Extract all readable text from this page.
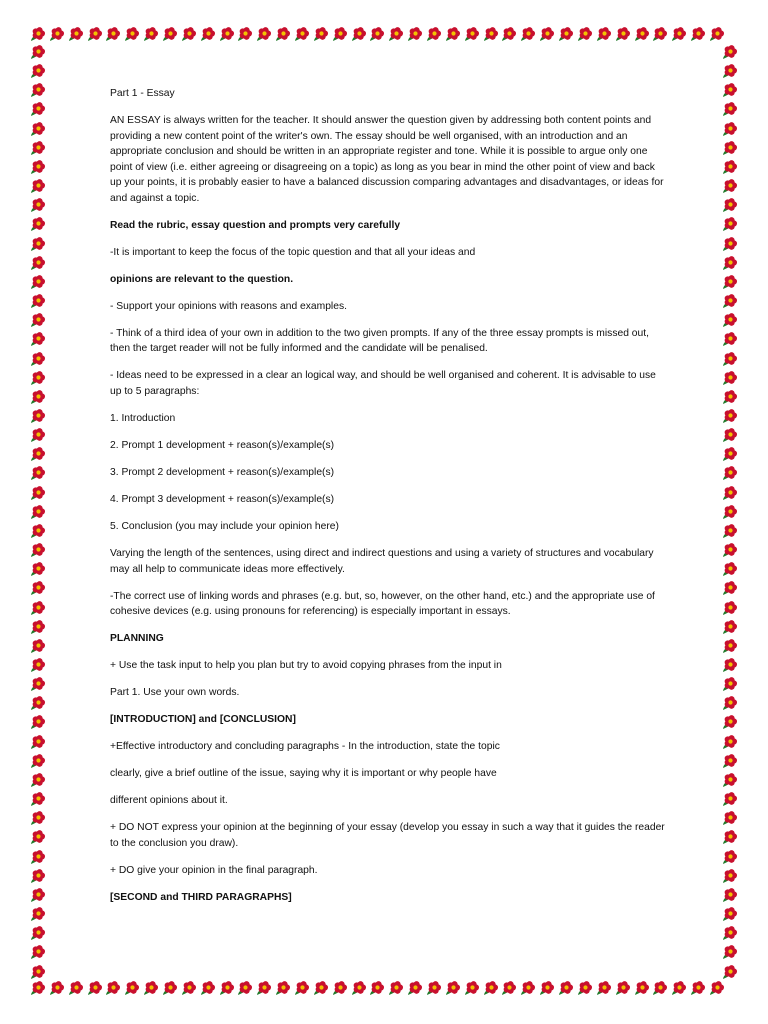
Part 1 - Essay

AN ESSAY is always written for the teacher. It should answer the question given by addressing both content points and providing a new content point of the writer's own. The essay should be well organised, with an introduction and an appropriate conclusion and should be written in an appropriate register and tone. While it is possible to argue only one point of view (i.e. either agreeing or disagreeing on a topic) as long as you bear in mind the other point of view and back up your points, it is probably easier to have a balanced discussion comparing advantages and disadvantages, or ideas for and against a topic.

Read the rubric, essay question and prompts very carefully

-It is important to keep the focus of the topic question and that all your ideas and

opinions are relevant to the question.

- Support your opinions with reasons and examples.

- Think of a third idea of your own in addition to the two given prompts. If any of the three essay prompts is missed out, then the target reader will not be fully informed and the candidate will be penalised.

- Ideas need to be expressed in a clear an logical way, and should be well organised and coherent. It is advisable to use up to 5 paragraphs:

1. Introduction

2. Prompt 1 development + reason(s)/example(s)

3. Prompt 2 development + reason(s)/example(s)

4. Prompt 3 development + reason(s)/example(s)

5. Conclusion (you may include your opinion here)

Varying the length of the sentences, using direct and indirect questions and using a variety of structures and vocabulary may all help to communicate ideas more effectively.

-The correct use of linking words and phrases (e.g. but, so, however, on the other hand, etc.) and the appropriate use of cohesive devices (e.g. using pronouns for referencing) is especially important in essays.

PLANNING

+ Use the task input to help you plan but try to avoid copying phrases from the input in

Part 1. Use your own words.

[INTRODUCTION] and [CONCLUSION]

+Effective introductory and concluding paragraphs - In the introduction, state the topic

clearly, give a brief outline of the issue, saying why it is important or why people have

different opinions about it.

+ DO NOT express your opinion at the beginning of your essay (develop you essay in such a way that it guides the reader to the conclusion you draw).

+ DO give your opinion in the final paragraph.

[SECOND and THIRD PARAGRAPHS]
